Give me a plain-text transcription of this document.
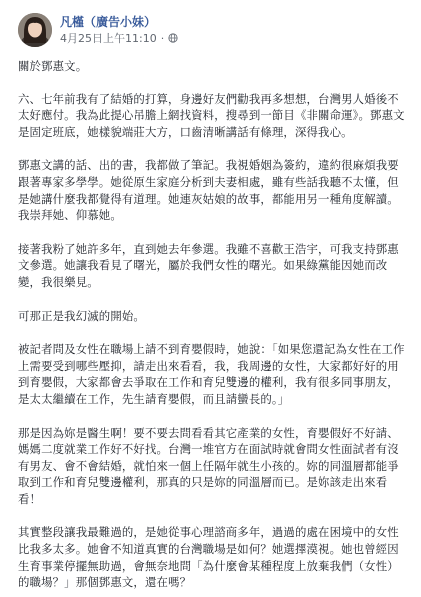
凡槿（廣告小妹）
4月25日上午11:10 ·

關於鄧惠文。

六、七年前我有了結婚的打算，身邊好友們勸我再多想想，台灣男人婚後不太好應付。我為此提心吊膽上網找資料，搜尋到一節目《非關命運》。鄧惠文是固定班底，她樣貌端莊大方，口齒清晰講話有條理，深得我心。

鄧惠文講的話、出的書，我都做了筆記。我視婚姻為簽約，違約很麻煩我要跟著專家多學學。她從原生家庭分析到夫妻相處，雖有些話我聽不太懂，但是她講什麼我都覺得有道理。她連灰姑娘的故事，都能用另一種角度解讀。我崇拜她、仰慕她。

接著我粉了她許多年，直到她去年參選。我雖不喜歡王浩宇，可我支持鄧惠文參選。她讓我看見了曙光，屬於我們女性的曙光。如果綠黨能因她而改變，我很樂見。

可那正是我幻滅的開始。

被記者問及女性在職場上請不到育嬰假時，她說：「如果您還記為女性在工作上需要受到哪些壓抑，請走出來看看，我，我周邊的女性，大家都好好的用到育嬰假，大家都會去爭取在工作和育兒雙邊的權利，我有很多同事朋友，是太太繼續在工作，先生請育嬰假，而且請蠻長的。」

那是因為妳是醫生啊！要不要去問看看其它產業的女性，育嬰假好不好請、媽媽二度就業工作好不好找。台灣一堆官方在面試時就會問女性面試者有沒有男友、會不會結婚，就怕來一個上任隔年就生小孩的。妳的同溫層都能爭取到工作和育兒雙邊權利，那真的只是妳的同溫層而已。是妳該走出來看看！

其實整段讓我最難過的，是她從事心理諮商多年，過過的處在困境中的女性比我多太多。她會不知道真實的台灣職場是如何？她選擇漠視。她也曾經因生育事業停擺無助過，會無奈地問「為什麼會某種程度上放棄我們（女性）的職場？」那個鄧惠文，還在嗎？
